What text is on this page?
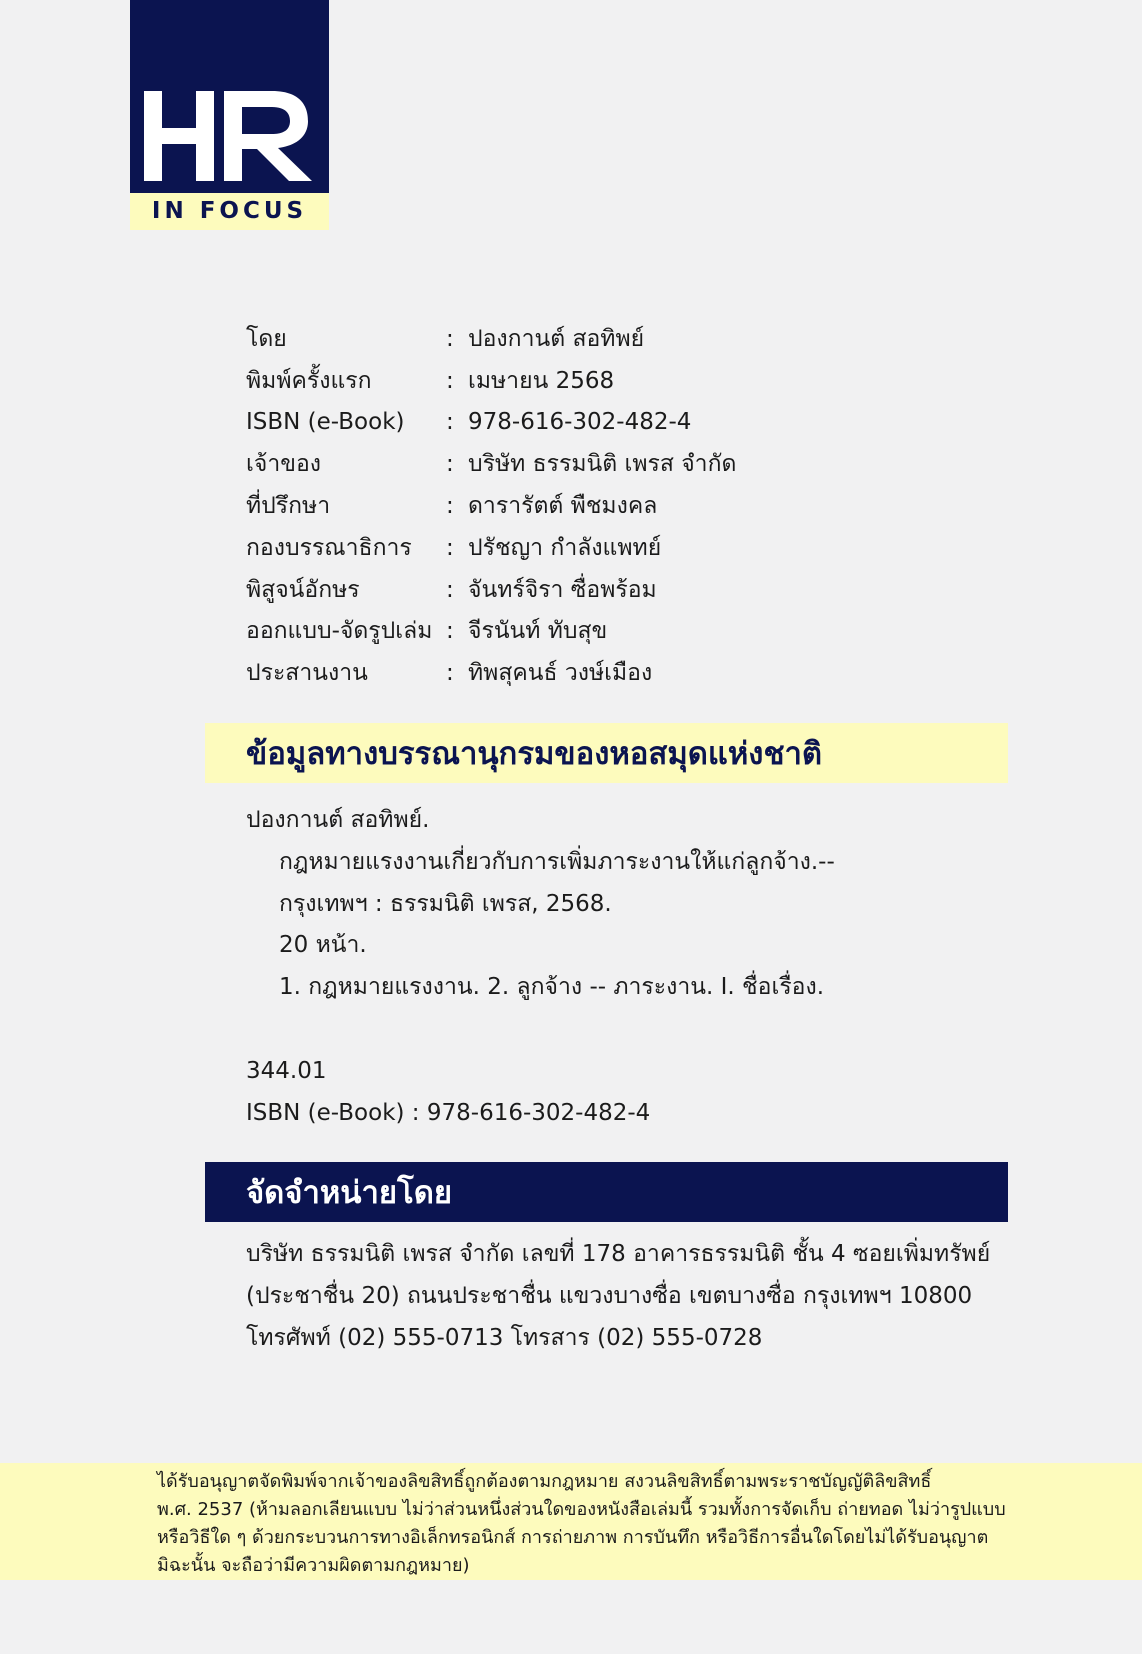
IN FOCUS
โดย	: ปองกานต์ สอทิพย์
พิมพ์ครั้งแรก	: เมษายน 2568
ISBN (e-Book)	: 978-616-302-482-4
เจ้าของ	: บริษัท ธรรมนิติ เพรส จำกัด
ที่ปรึกษา	: ดารารัตต์ พืชมงคล
กองบรรณาธิการ	: ปรัชญา กำลังแพทย์
พิสูจน์อักษร	: จันทร์จิรา ซื่อพร้อม
ออกแบบ-จัดรูปเล่ม : จีรนันท์ ทับสุข
ประสานงาน	: ทิพสุคนธ์ วงษ์เมือง
ข้อมูลทางบรรณานุกรมของหอสมุดแห่งชาติ
ปองกานต์ สอทิพย์.
กฎหมายแรงงานเกี่ยวกับการเพิ่มภาระงานให้แก่ลูกจ้าง.--
กรุงเทพฯ : ธรรมนิติ เพรส, 2568.
20 หน้า.
1. กฎหมายแรงงาน. 2. ลูกจ้าง -- ภาระงาน. I. ชื่อเรื่อง.
344.01
ISBN (e-Book) : 978-616-302-482-4
จัดจำหน่ายโดย
บริษัท ธรรมนิติ เพรส จำกัด เลขที่ 178 อาคารธรรมนิติ ชั้น 4 ซอยเพิ่มทรัพย์
(ประชาชื่น 20) ถนนประชาชื่น แขวงบางซื่อ เขตบางซื่อ กรุงเทพฯ 10800
โทรศัพท์ (02) 555-0713 โทรสาร (02) 555-0728
ได้รับอนุญาตจัดพิมพ์จากเจ้าของลิขสิทธิ์ถูกต้องตามกฎหมาย สงวนลิขสิทธิ์ตามพระราชบัญญัติลิขสิทธิ์
พ.ศ. 2537 (ห้ามลอกเลียนแบบ ไม่ว่าส่วนหนึ่งส่วนใดของหนังสือเล่มนี้ รวมทั้งการจัดเก็บ ถ่ายทอด ไม่ว่ารูปแบบ
หรือวิธีใด ๆ ด้วยกระบวนการทางอิเล็กทรอนิกส์ การถ่ายภาพ การบันทึก หรือวิธีการอื่นใดโดยไม่ได้รับอนุญาต
มิฉะนั้น จะถือว่ามีความผิดตามกฎหมาย)
